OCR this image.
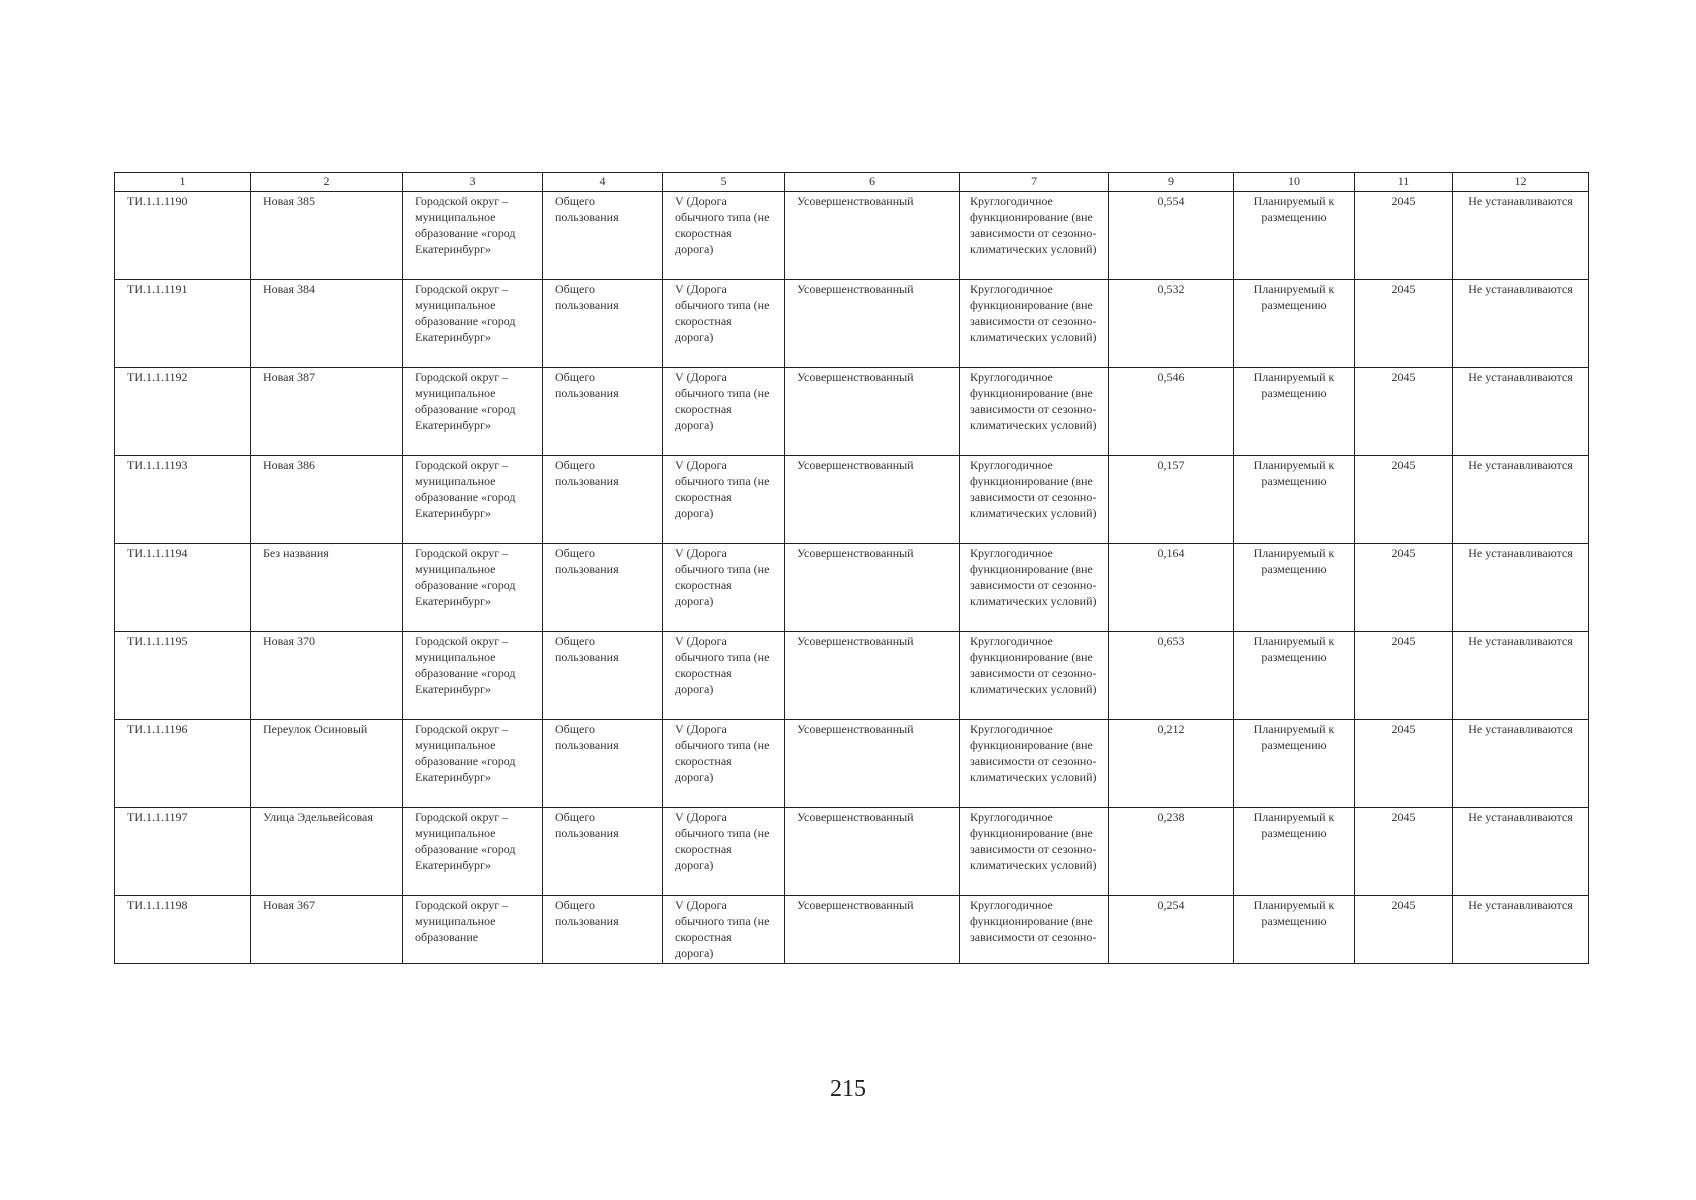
1	2	3	4	5	6	7	9	10	11	12
ТИ.1.1.1190	Новая 385	Городской округ – муниципальное образование «город Екатеринбург»	Общего пользования	V (Дорога обычного типа (не скоростная дорога)	Усовершенствованный	Круглогодичное функционирование (вне зависимости от сезонно-климатических условий)	0,554	Планируемый к размещению	2045	Не устанавливаются
ТИ.1.1.1191	Новая 384	Городской округ – муниципальное образование «город Екатеринбург»	Общего пользования	V (Дорога обычного типа (не скоростная дорога)	Усовершенствованный	Круглогодичное функционирование (вне зависимости от сезонно-климатических условий)	0,532	Планируемый к размещению	2045	Не устанавливаются
ТИ.1.1.1192	Новая 387	Городской округ – муниципальное образование «город Екатеринбург»	Общего пользования	V (Дорога обычного типа (не скоростная дорога)	Усовершенствованный	Круглогодичное функционирование (вне зависимости от сезонно-климатических условий)	0,546	Планируемый к размещению	2045	Не устанавливаются
ТИ.1.1.1193	Новая 386	Городской округ – муниципальное образование «город Екатеринбург»	Общего пользования	V (Дорога обычного типа (не скоростная дорога)	Усовершенствованный	Круглогодичное функционирование (вне зависимости от сезонно-климатических условий)	0,157	Планируемый к размещению	2045	Не устанавливаются
ТИ.1.1.1194	Без названия	Городской округ – муниципальное образование «город Екатеринбург»	Общего пользования	V (Дорога обычного типа (не скоростная дорога)	Усовершенствованный	Круглогодичное функционирование (вне зависимости от сезонно-климатических условий)	0,164	Планируемый к размещению	2045	Не устанавливаются
ТИ.1.1.1195	Новая 370	Городской округ – муниципальное образование «город Екатеринбург»	Общего пользования	V (Дорога обычного типа (не скоростная дорога)	Усовершенствованный	Круглогодичное функционирование (вне зависимости от сезонно-климатических условий)	0,653	Планируемый к размещению	2045	Не устанавливаются
ТИ.1.1.1196	Переулок Осиновый	Городской округ – муниципальное образование «город Екатеринбург»	Общего пользования	V (Дорога обычного типа (не скоростная дорога)	Усовершенствованный	Круглогодичное функционирование (вне зависимости от сезонно-климатических условий)	0,212	Планируемый к размещению	2045	Не устанавливаются
ТИ.1.1.1197	Улица Эдельвейсовая	Городской округ – муниципальное образование «город Екатеринбург»	Общего пользования	V (Дорога обычного типа (не скоростная дорога)	Усовершенствованный	Круглогодичное функционирование (вне зависимости от сезонно-климатических условий)	0,238	Планируемый к размещению	2045	Не устанавливаются
ТИ.1.1.1198	Новая 367	Городской округ – муниципальное образование	Общего пользования	V (Дорога обычного типа (не скоростная дорога)	Усовершенствованный	Круглогодичное функционирование (вне зависимости от сезонно-	0,254	Планируемый к размещению	2045	Не устанавливаются
215
